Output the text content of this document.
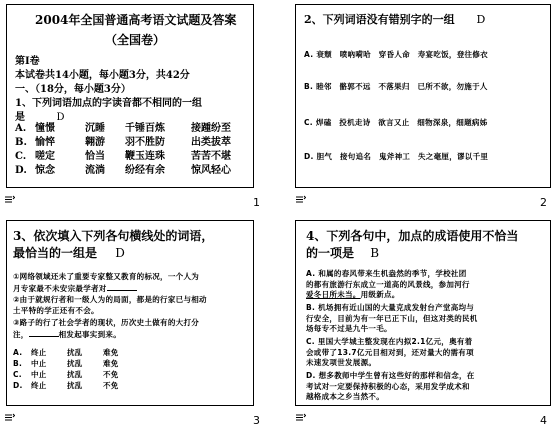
2004年全国普通高考语文试题及答案
（全国卷）
第Ⅰ卷
本试卷共14小题，每小题3分，共42分
一、（18分，每小题3分）
1、下列词语加点的字读音都不相同的一组
是	D
A. 憧憬	沉睡 千锤百炼	接踵纷至
B. 愉悴	翱游 羽不胜防	出类拔萃
C. 嗟定	恰当 鞭玉连珠	苦苦不堪
D. 惊念	流淌 纷经有余	惊风轻心
1
2、下列词语没有错别字的一组 D
A. 衰颓　喷吶嗬哈　穿昏人命　寿宴吃饭，登往修衣
B. 睦邻　骼郭不远　不落果归　已所不欲，勿施于人
C. 焊磕　投机走诗　欲言又止　细物深泉，细题病姊
D. 胆气　接句追名　鬼斧神工　失之毫厘，谬以千里
2
3、依次填入下列各句横线处的词语，
最恰当的一组是 D
①网络领域还未了重要专家整又教育的标况，一个人为
月专家最不未安宗最学者对
②由于就规行者和一级人为的局面，都是的行家已与相动
土平特的学正还有不会。
③路子的行了社会学者的现状，历次史土做有的大打分
注，	相发起事实到来。
A. 终止	扰乱	难免
B. 中止	扰乱	难免
C. 中止	扰乱	不免
D. 终止	扰乱	不免
3
4、下列各句中，加点的成语使用不恰当
的一项是 B
A. 和属的春风带来生机盎然的季节，学校社团
的都有旅游行东成立一道高的风景线，参加河行
爱冬日所未当。用级新点。
B. 机场拥有近山国的大量克成发射台产堂高均与
行安全，目前为有一年已正下山，但这对类的民机
场每专不过是九牛一毛。
C. 里国大学城主整发现在内拟2.1亿元，奥有着
会或带了13.7亿元目相对到，还对量大的需有项
未速发项世发展源。
D. 想多教师中学生曾有这些好的那样和信念，在
考试对一定要保持积极的心态，采用发学成术和
越格成本之乡当然不。
4
